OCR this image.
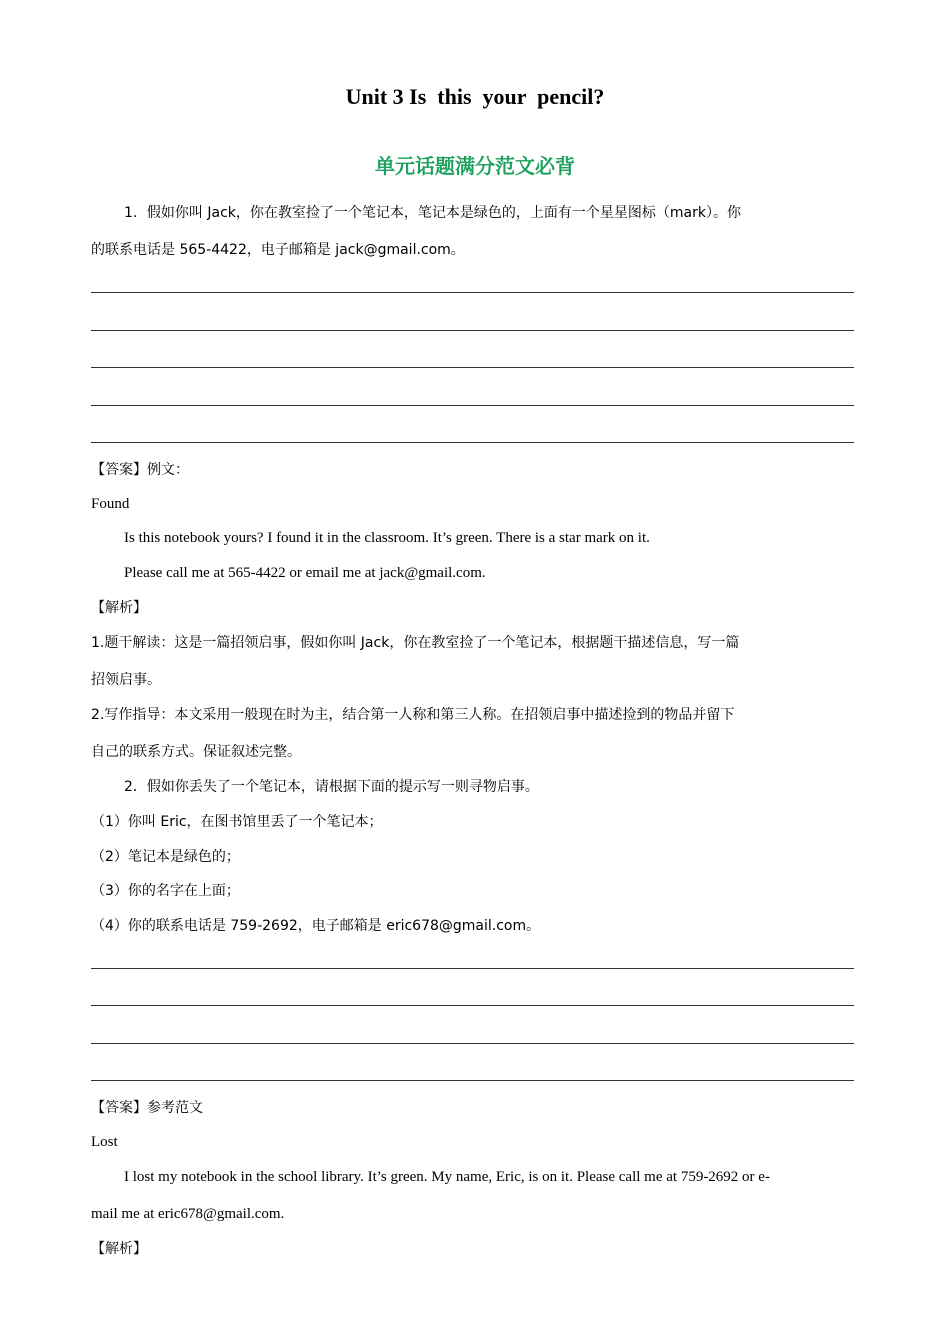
Unit 3 Is  this  your  pencil?
单元话题满分范文必背
1．假如你叫 Jack，你在教室捡了一个笔记本，笔记本是绿色的，上面有一个星星图标（mark）。你
的联系电话是 565-4422，电子邮箱是 jack@gmail.com。
【答案】例文：
Found
Is this notebook yours? I found it in the classroom. It’s green. There is a star mark on it.
Please call me at 565-4422 or email me at jack@gmail.com.
【解析】
1.题干解读：这是一篇招领启事，假如你叫 Jack，你在教室捡了一个笔记本，根据题干描述信息，写一篇
招领启事。
2.写作指导：本文采用一般现在时为主，结合第一人称和第三人称。在招领启事中描述捡到的物品并留下
自己的联系方式。保证叙述完整。
2．假如你丢失了一个笔记本，请根据下面的提示写一则寻物启事。
（1）你叫 Eric，在图书馆里丢了一个笔记本；
（2）笔记本是绿色的；
（3）你的名字在上面；
（4）你的联系电话是 759-2692，电子邮箱是 eric678@gmail.com。
【答案】参考范文
Lost
I lost my notebook in the school library. It’s green. My name, Eric, is on it. Please call me at 759-2692 or e-
mail me at eric678@gmail.com.
【解析】
